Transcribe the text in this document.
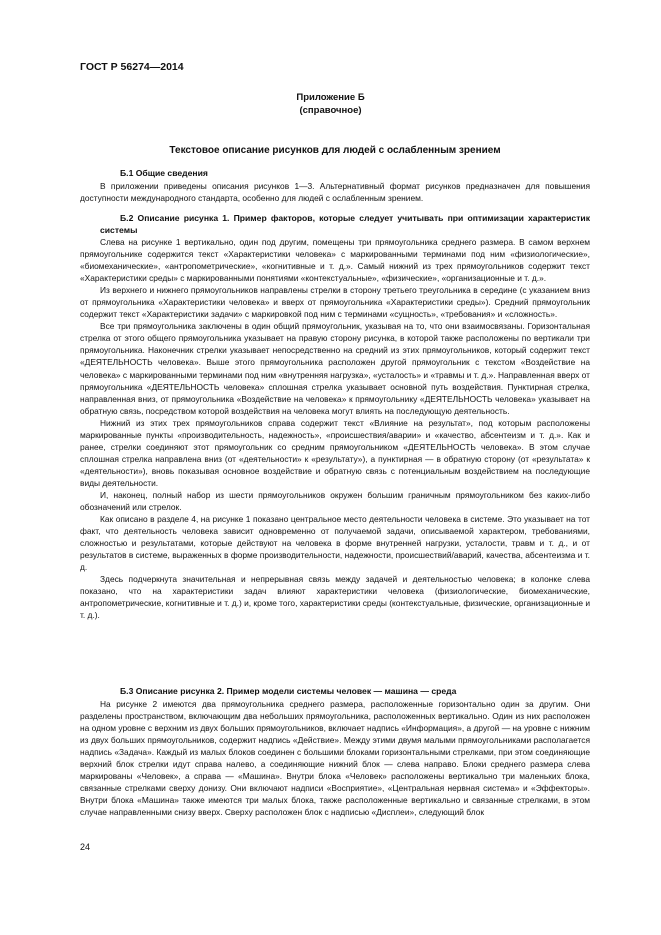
ГОСТ Р 56274—2014
Приложение Б
(справочное)
Текстовое описание рисунков для людей с ослабленным зрением

Б.1 Общие сведения

В приложении приведены описания рисунков 1—3. Альтернативный формат рисунков предназначен для повышения доступности международного стандарта, особенно для людей с ослабленным зрением.

Б.2 Описание рисунка 1. Пример факторов, которые следует учитывать при оптимизации характеристик системы

Слева на рисунке 1 вертикально, один под другим, помещены три прямоугольника среднего размера. В самом верхнем прямоугольнике содержится текст «Характеристики человека» с маркированными терминами под ним «физиологические», «биомеханические», «антропометрические», «когнитивные и т. д.». Самый нижний из трех прямоугольников содержит текст «Характеристики среды» с маркированными понятиями «контекстуальные», «физические», «организационные и т. д.».

Из верхнего и нижнего прямоугольников направлены стрелки в сторону третьего треугольника в середине (с указанием вниз от прямоугольника «Характеристики человека» и вверх от прямоугольника «Характеристики среды»). Средний прямоугольник содержит текст «Характеристики задачи» с маркировкой под ним с терминами «сущность», «требования» и «сложность».

Все три прямоугольника заключены в один общий прямоугольник, указывая на то, что они взаимосвязаны. Горизонтальная стрелка от этого общего прямоугольника указывает на правую сторону рисунка, в которой также расположены по вертикали три прямоугольника. Наконечник стрелки указывает непосредственно на средний из этих прямоугольников, который содержит текст «ДЕЯТЕЛЬНОСТЬ человека». Выше этого прямоугольника расположен другой прямоугольник с текстом «Воздействие на человека» с маркированными терминами под ним «внутренняя нагрузка», «усталость» и «травмы и т. д.». Направленная вверх от прямоугольника «ДЕЯТЕЛЬНОСТЬ человека» сплошная стрелка указывает основной путь воздействия. Пунктирная стрелка, направленная вниз, от прямоугольника «Воздействие на человека» к прямоугольнику «ДЕЯТЕЛЬНОСТЬ человека» указывает на обратную связь, посредством которой воздействия на человека могут влиять на последующую деятельность.

Нижний из этих трех прямоугольников справа содержит текст «Влияние на результат», под которым расположены маркированные пункты «производительность, надежность», «происшествия/аварии» и «качество, абсентеизм и т. д.». Как и ранее, стрелки соединяют этот прямоугольник со средним прямоугольником «ДЕЯТЕЛЬНОСТЬ человека». В этом случае сплошная стрелка направлена вниз (от «деятельности» к «результату»), а пунктирная — в обратную сторону (от «результата» к «деятельности»), вновь показывая основное воздействие и обратную связь с потенциальным воздействием на последующие виды деятельности.

И, наконец, полный набор из шести прямоугольников окружен большим граничным прямоугольником без каких-либо обозначений или стрелок.

Как описано в разделе 4, на рисунке 1 показано центральное место деятельности человека в системе. Это указывает на тот факт, что деятельность человека зависит одновременно от получаемой задачи, описываемой характером, требованиями, сложностью и результатами, которые действуют на человека в форме внутренней нагрузки, усталости, травм и т. д., и от результатов в системе, выраженных в форме производительности, надежности, происшествий/аварий, качества, абсентеизма и т. д.

Здесь подчеркнута значительная и непрерывная связь между задачей и деятельностью человека; в колонке слева показано, что на характеристики задач влияют характеристики человека (физиологические, биомеханические, антропометрические, когнитивные и т. д.) и, кроме того, характеристики среды (контекстуальные, физические, организационные и т. д.).

Б.3 Описание рисунка 2. Пример модели системы человек — машина — среда

На рисунке 2 имеются два прямоугольника среднего размера, расположенные горизонтально один за другим. Они разделены пространством, включающим два небольших прямоугольника, расположенных вертикально. Один из них расположен на одном уровне с верхним из двух больших прямоугольников, включает надпись «Информация», а другой — на уровне с нижним из двух больших прямоугольников, содержит надпись «Действие». Между этими двумя малыми прямоугольниками располагается надпись «Задача». Каждый из малых блоков соединен с большими блоками горизонтальными стрелками, при этом соединяющие верхний блок стрелки идут справа налево, а соединяющие нижний блок — слева направо. Блоки среднего размера слева маркированы «Человек», а справа — «Машина». Внутри блока «Человек» расположены вертикально три маленьких блока, связанные стрелками сверху донизу. Они включают надписи «Восприятие», «Центральная нервная система» и «Эффекторы». Внутри блока «Машина» также имеются три малых блока, также расположенные вертикально и связанные стрелками, в этом случае направленными снизу вверх. Сверху расположен блок с надписью «Дисплеи», следующий блок

24
